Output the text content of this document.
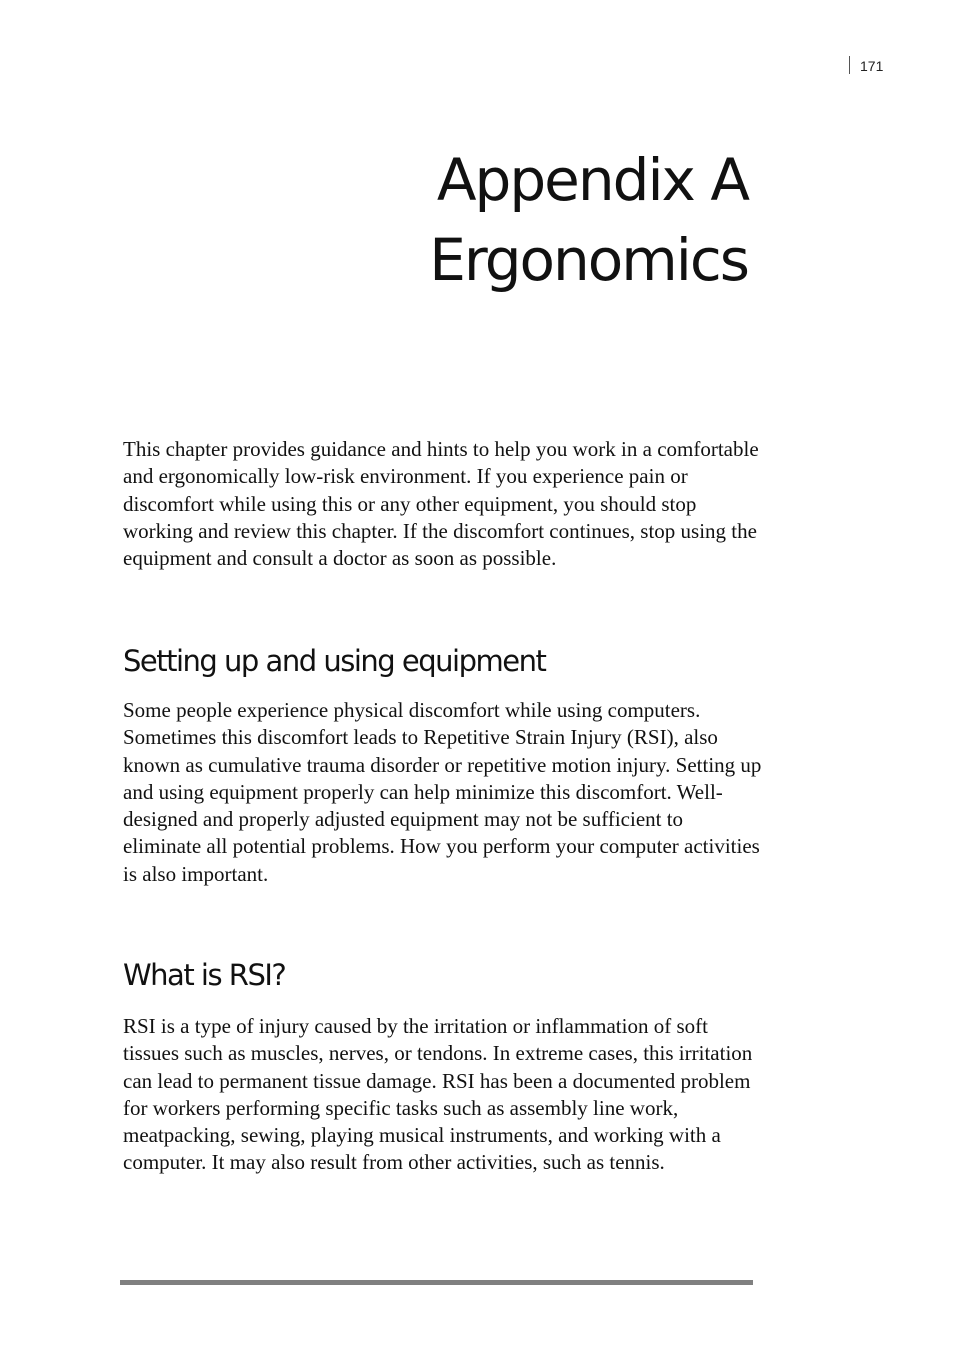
171
Appendix A
Ergonomics

This chapter provides guidance and hints to help you work in a comfortable and ergonomically low-risk environment. If you experience pain or discomfort while using this or any other equipment, you should stop working and review this chapter. If the discomfort continues, stop using the equipment and consult a doctor as soon as possible.

Setting up and using equipment

Some people experience physical discomfort while using computers. Sometimes this discomfort leads to Repetitive Strain Injury (RSI), also known as cumulative trauma disorder or repetitive motion injury. Setting up and using equipment properly can help minimize this discomfort. Well-designed and properly adjusted equipment may not be sufficient to eliminate all potential problems. How you perform your computer activities is also important.

What is RSI?

RSI is a type of injury caused by the irritation or inflammation of soft tissues such as muscles, nerves, or tendons. In extreme cases, this irritation can lead to permanent tissue damage. RSI has been a documented problem for workers performing specific tasks such as assembly line work, meatpacking, sewing, playing musical instruments, and working with a computer. It may also result from other activities, such as tennis.
